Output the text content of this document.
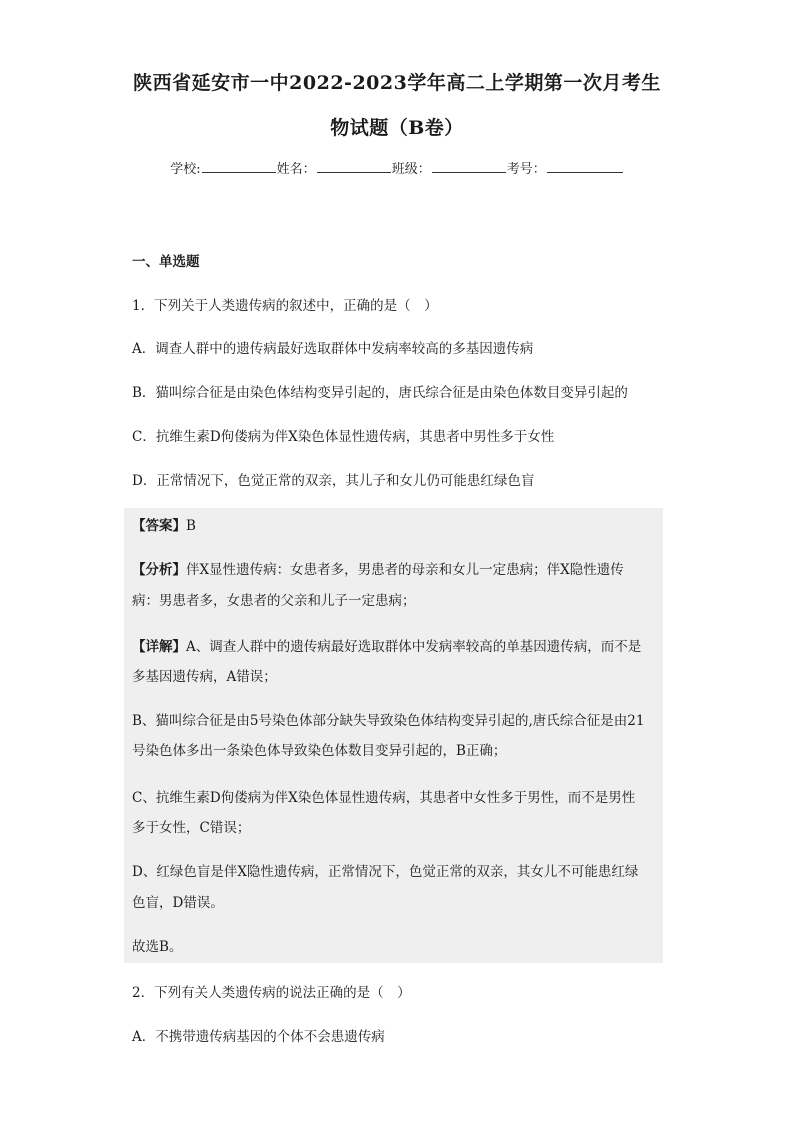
陕西省延安市一中2022-2023学年高二上学期第一次月考生
物试题（B卷）
学校:	姓名：	班级：	考号：
一、单选题
1．下列关于人类遗传病的叙述中，正确的是（　）
A．调查人群中的遗传病最好选取群体中发病率较高的多基因遗传病
B．猫叫综合征是由染色体结构变异引起的，唐氏综合征是由染色体数目变异引起的
C．抗维生素D佝偻病为伴X染色体显性遗传病，其患者中男性多于女性
D．正常情况下，色觉正常的双亲，其儿子和女儿仍可能患红绿色盲
【答案】B
【分析】伴X显性遗传病：女患者多，男患者的母亲和女儿一定患病；伴X隐性遗传
病：男患者多，女患者的父亲和儿子一定患病；
【详解】A、调查人群中的遗传病最好选取群体中发病率较高的单基因遗传病，而不是
多基因遗传病，A错误；
B、猫叫综合征是由5号染色体部分缺失导致染色体结构变异引起的,唐氏综合征是由21
号染色体多出一条染色体导致染色体数目变异引起的，B正确；
C、抗维生素D佝偻病为伴X染色体显性遗传病，其患者中女性多于男性，而不是男性
多于女性，C错误；
D、红绿色盲是伴X隐性遗传病，正常情况下，色觉正常的双亲，其女儿不可能患红绿
色盲，D错误。
故选B。
2．下列有关人类遗传病的说法正确的是（　）
A．不携带遗传病基因的个体不会患遗传病
